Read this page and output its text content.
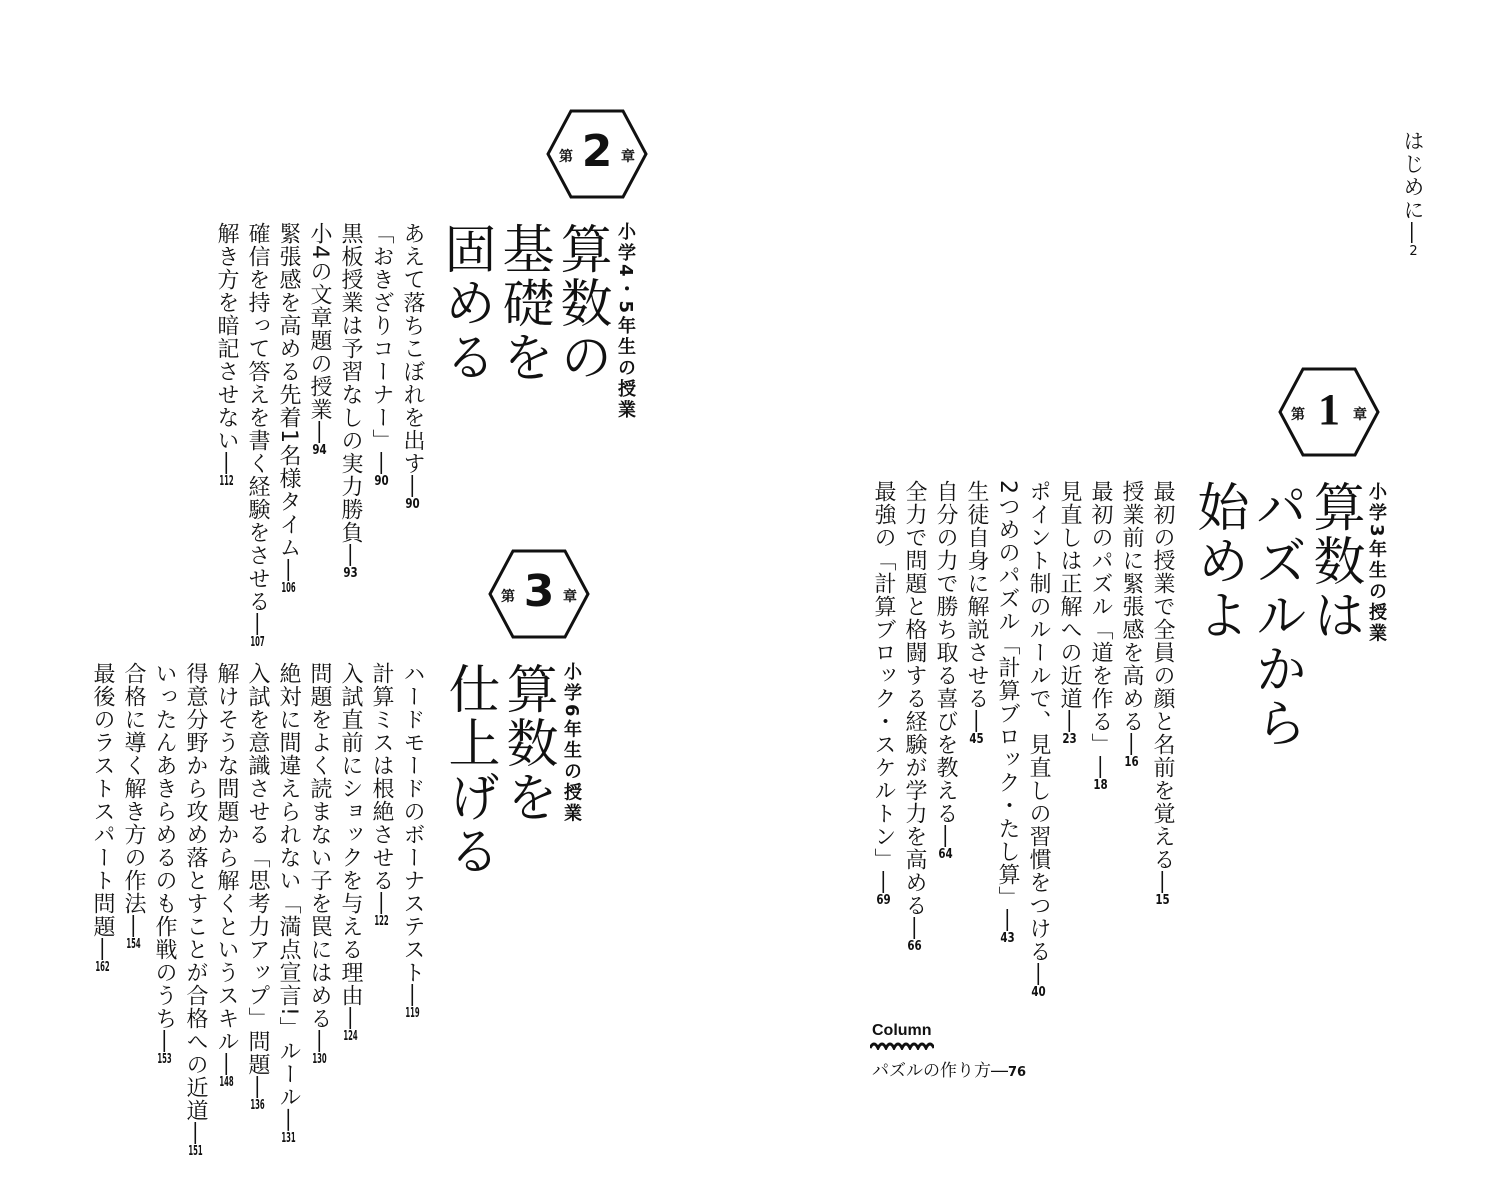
はじめに―2
第 1 章
小学3年生の授業
算数は
パズルから
始めよ
最初の授業で全員の顔と名前を覚える―15
授業前に緊張感を高める―16
最初のパズル「道を作る」―18
見直しは正解への近道―23
ポイント制のルールで、見直しの習慣をつける―40
2つめのパズル「計算ブロック・たし算」―43
生徒自身に解説させる―45
自分の力で勝ち取る喜びを教える―64
全力で問題と格闘する経験が学力を高める―66
最強の「計算ブロック・スケルトン」―69
第 2 章
小学4・5年生の授業
算数の
基礎を
固める
あえて落ちこぼれを出す―90
「おきざりコーナー」―90
黒板授業は予習なしの実力勝負―93
小4の文章題の授業―94
緊張感を高める先着1名様タイム―106
確信を持って答えを書く経験をさせる―107
解き方を暗記させない―112
第 3 章
小学6年生の授業
算数を
仕上げる
ハードモードのボーナステスト―119
計算ミスは根絶させる―122
入試直前にショックを与える理由―124
問題をよく読まない子を罠にはめる―130
絶対に間違えられない「満点宣言!」ルール―131
入試を意識させる「思考力アップ」問題―136
解けそうな問題から解くというスキル―148
得意分野から攻め落とすことが合格への近道―151
いったんあきらめるのも作戦のうち―153
合格に導く解き方の作法―154
最後のラストスパート問題―162
Column
パズルの作り方―76
